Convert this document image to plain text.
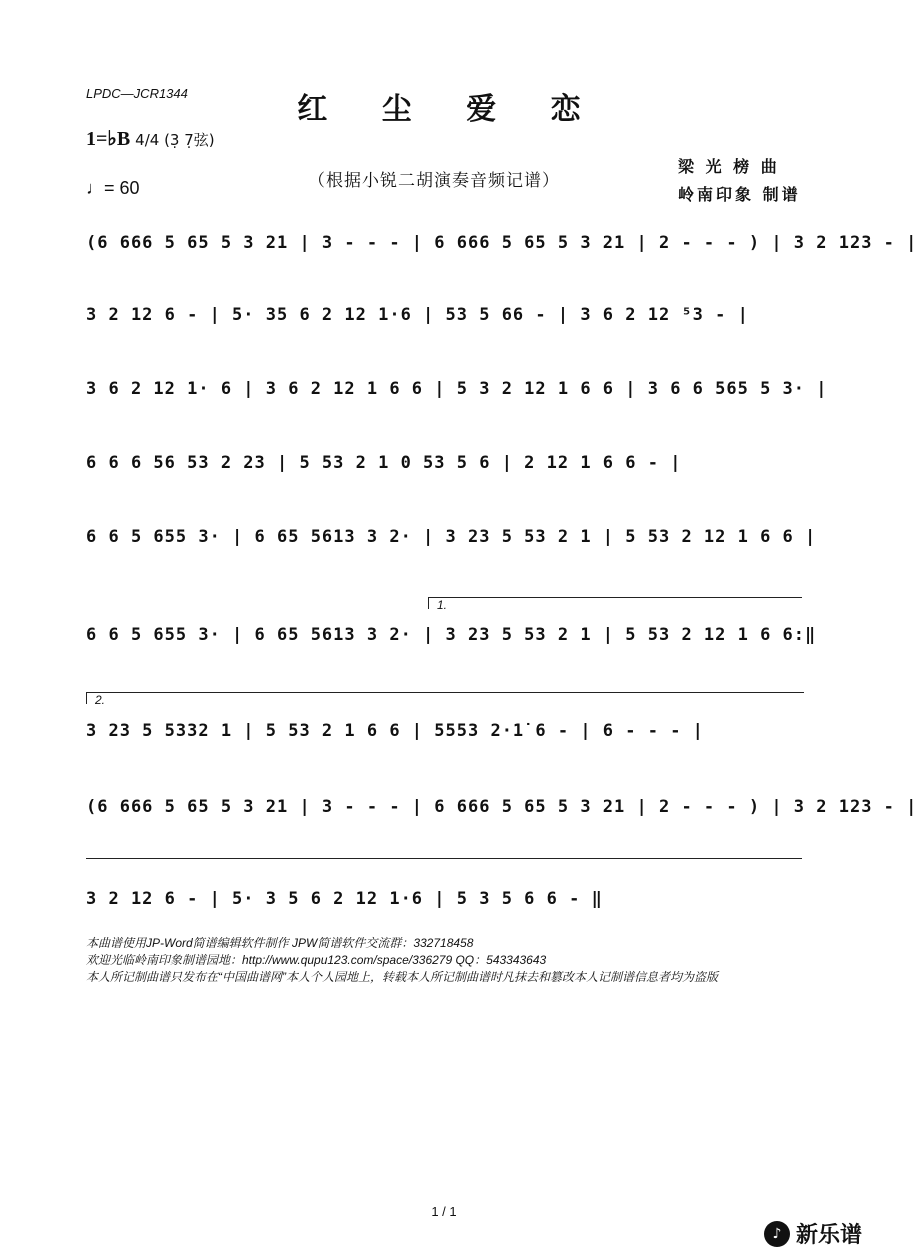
LPDC—JCR1344	红 尘 爱 恋
1=♭B 4/4 (3̣ 7̣弦)
♩= 60	（根据小锐二胡演奏音频记谱）
梁 光 榜 曲
岭南印象 制谱
(6 666 5 65 5 3 21 | 3 - - - | 6 666 5 65 5 3 21 | 2 - - - ) | 3 2 123 - |
3 2 12 6 - | 5· 35 6 2 12 1·6 | 53 5 66 - | 3 6 2 12 ⁵3 - |
3 6 2 12 1· 6 | 3 6 2 12 1 6 6 | 5 3 2 12 1 6 6 | 3 6 6 565 5 3· |
6 6 6 56 53 2 23 | 5 53 2 1 0 53 5 6 | 2 12 1 6 6 - |
6 6 5 655 3· | 6 65 5613 3 2· | 3 23 5 53 2 1 | 5 53 2 12 1 6 6 |
1.
6 6 5 655 3· | 6 65 5613 3 2· | 3 23 5 53 2 1 | 5 53 2 12 1 6 6:‖
2.
3 23 5 5332 1 | 5 53 2 1 6 6 | 5553 2·1̇ 6 - | 6 - - - |
(6 666 5 65 5 3 21 | 3 - - - | 6 666 5 65 5 3 21 | 2 - - - ) | 3 2 123 - |
3 2 12 6 - | 5· 3 5 6 2 12 1·6 | 5 3 5 6 6 - ‖
本曲谱使用JP-Word简谱编辑软件制作 JPW简谱软件交流群：332718458
欢迎光临岭南印象制谱园地：http://www.qupu123.com/space/336279 QQ：543343643
本人所记制曲谱只发布在“中国曲谱网”本人个人园地上，转载本人所记制曲谱时凡抹去和篡改本人记制谱信息者均为盗版
1 / 1
♪ 新乐谱
